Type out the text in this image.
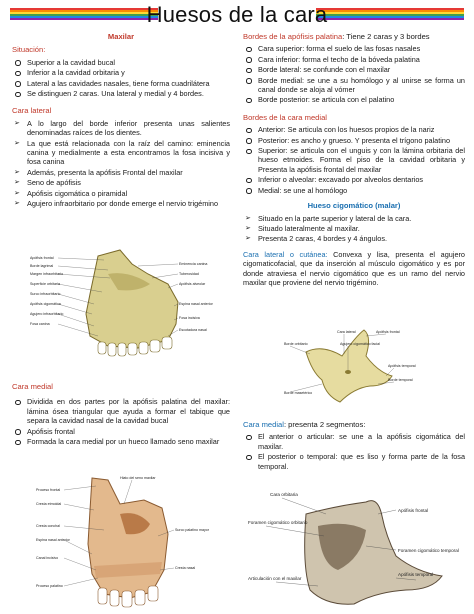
Huesos de la cara
Maxilar
Situación:
Superior a la cavidad bucal
Inferior a la cavidad orbitaria y
Lateral a las cavidades nasales, tiene forma cuadrilátera
Se distinguen 2 caras. Una lateral y medial y 4 bordes.
Cara lateral
➢ A lo largo del borde inferior presenta unas salientes denominadas raíces de los dientes.
➢ La que está relacionada con la raíz del camino: eminencia canina y medialmente a esta encontramos la fosa incisiva y fosa canina
➢ Además, presenta la apófisis Frontal del maxilar
➢ Seno de apófisis
➢ Apófisis cigomática o piramidal
➢ Agujero infraorbitario por donde emerge el nervio trigémino
Apófisis frontal
Borde lagrimal
Margen infraorbitario
Superficie orbitaria
Surco infraorbitario
Apófisis cigomática
Agujero infraorbitario
Fosa canina
Eminencia canina
Tuberosidad
Apófisis alveolar
Espina nasal anterior
Fosa incisiva
Escotadura nasal
Cara medial
Dividida en dos partes por la apófisis palatina del maxilar: lámina ósea triangular que ayuda a formar el tabique que separa la cavidad nasal de la cavidad bucal
Apófisis frontal
Formada la cara medial por un hueco llamado seno maxilar
Hiato del seno maxilar
Proceso frontal
Cresta etmoidal
Cresta conchal
Surco palatino mayor
Espina nasal anterior
Canal incisivo
Cresta nasal
Proceso palatino
Bordes de la apófisis palatina: Tiene 2 caras y 3 bordes
Cara superior: forma el suelo de las fosas nasales
Cara inferior: forma el techo de la bóveda palatina
Borde lateral: se confunde con el maxilar
Borde medial: se une a su homólogo y al unirse se forma un canal donde se aloja al vómer
Borde posterior: se articula con el palatino
Bordes de la cara medial
Anterior: Se articula con los huesos propios de la nariz
Posterior: es ancho y grueso. Y presenta el trígono palatino
Superior: se articula con el unguis y con la lámina orbitaria del hueso etmoides. Forma el piso de la cavidad orbitaria y Presenta la apófisis frontal del maxilar
Inferior o alveolar: excavado por alveolos dentarios
Medial: se une al homólogo
Hueso cigomático (malar)
➢ Situado en la parte superior y lateral de la cara.
➢ Situado lateralmente al maxilar.
➢ Presenta 2 caras, 4 bordes y 4 ángulos.

Cara lateral o cutánea: Convexa y lisa, presenta el agujero cigomaticofacial, que da inserción al músculo cigomático y es por donde atraviesa el nervio cigomático que es un ramo del nervio maxilar que proviene del nervio trigémino.

Cara lateral	Apófisis frontal
Borde orbitario
Apófisis temporal
Agujero cigomático facial
Borde temporal
Borde masetérico
Cara medial: presenta 2 segmentos:
El anterior o articular: se une a la apófisis cigomática del maxilar.
El posterior o temporal: que es liso y forma parte de la fosa temporal.
Cara orbitaria
Apófisis frontal
Foramen cigomático orbitario
Foramen cigomático temporal
Articulación con el maxilar
Apófisis temporal
